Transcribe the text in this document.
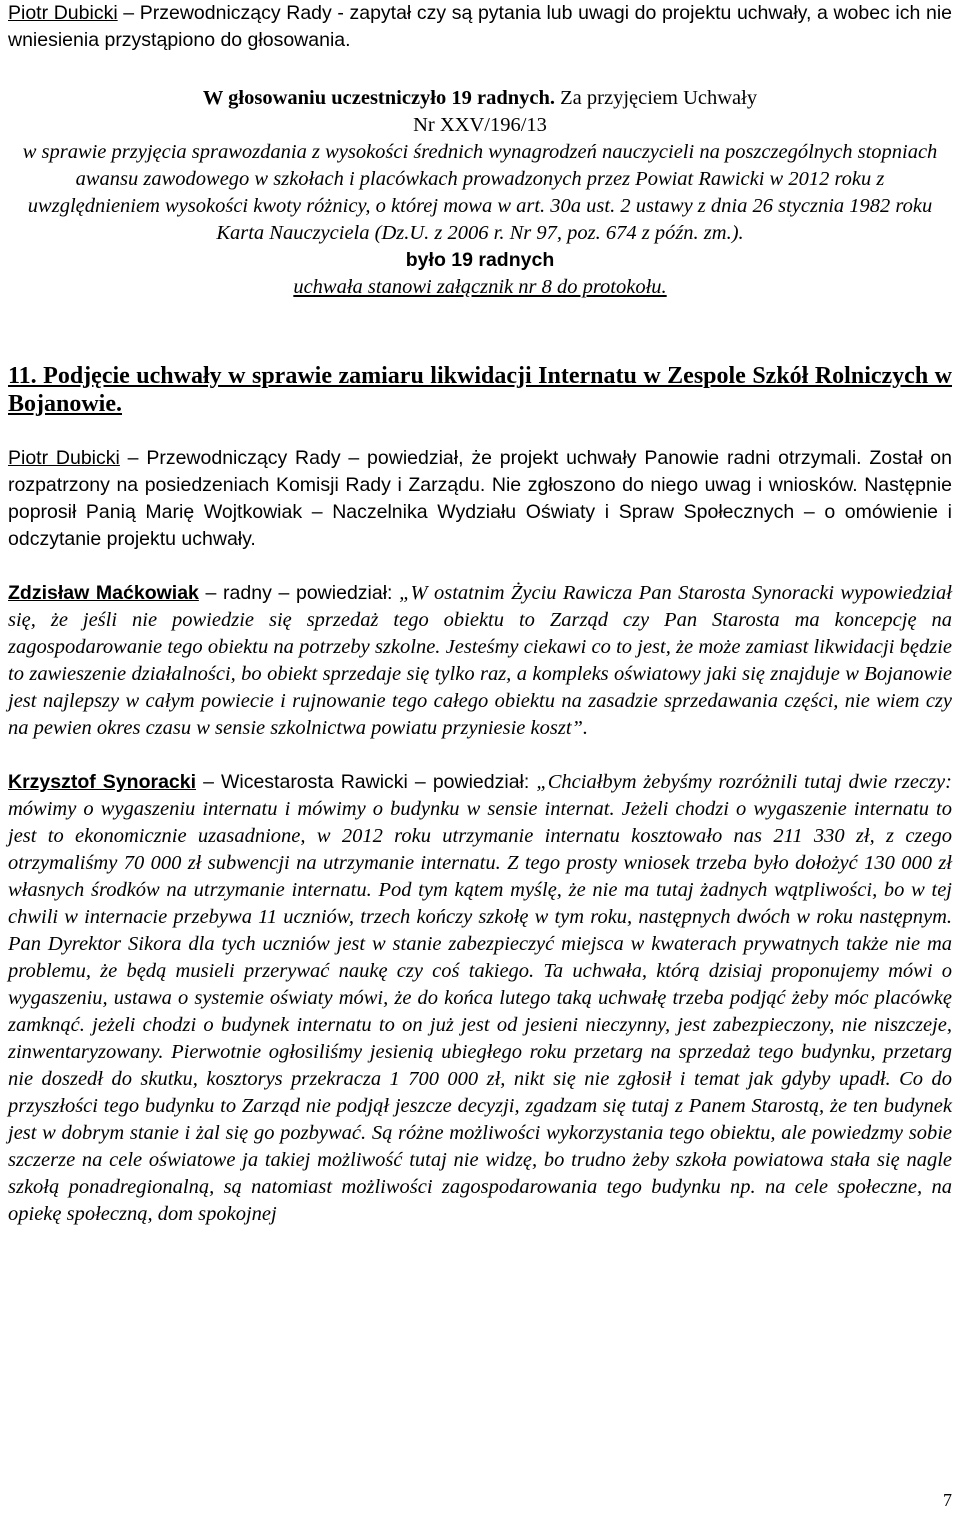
Piotr Dubicki – Przewodniczący Rady - zapytał czy są pytania lub uwagi do projektu uchwały, a wobec ich nie wniesienia przystąpiono do głosowania.

W głosowaniu uczestniczyło 19 radnych. Za przyjęciem Uchwały

Nr XXV/196/13

w sprawie przyjęcia sprawozdania z wysokości średnich wynagrodzeń nauczycieli na poszczególnych stopniach awansu zawodowego w szkołach i placówkach prowadzonych przez Powiat Rawicki w 2012 roku z uwzględnieniem wysokości kwoty różnicy, o której mowa w art. 30a ust. 2 ustawy z dnia 26 stycznia 1982 roku Karta Nauczyciela (Dz.U. z 2006 r. Nr 97, poz. 674 z późn. zm.).

było 19 radnych

uchwała stanowi załącznik nr 8 do protokołu.

11. Podjęcie uchwały w sprawie zamiaru likwidacji Internatu w Zespole Szkół Rolniczych w Bojanowie.

Piotr Dubicki – Przewodniczący Rady – powiedział, że projekt uchwały Panowie radni otrzymali. Został on rozpatrzony na posiedzeniach Komisji Rady i Zarządu. Nie zgłoszono do niego uwag i wniosków. Następnie poprosił Panią Marię Wojtkowiak – Naczelnika Wydziału Oświaty i Spraw Społecznych – o omówienie i odczytanie projektu uchwały.

Zdzisław Maćkowiak – radny – powiedział: „W ostatnim Życiu Rawicza Pan Starosta Synoracki wypowiedział się, że jeśli nie powiedzie się sprzedaż tego obiektu to Zarząd czy Pan Starosta ma koncepcję na zagospodarowanie tego obiektu na potrzeby szkolne. Jesteśmy ciekawi co to jest, że może zamiast likwidacji będzie to zawieszenie działalności, bo obiekt sprzedaje się tylko raz, a kompleks oświatowy jaki się znajduje w Bojanowie jest najlepszy w całym powiecie i rujnowanie tego całego obiektu na zasadzie sprzedawania części, nie wiem czy na pewien okres czasu w sensie szkolnictwa powiatu przyniesie koszt”.

Krzysztof Synoracki – Wicestarosta Rawicki – powiedział: „Chciałbym żebyśmy rozróżnili tutaj dwie rzeczy: mówimy o wygaszeniu internatu i mówimy o budynku w sensie internat. Jeżeli chodzi o wygaszenie internatu to jest to ekonomicznie uzasadnione, w 2012 roku utrzymanie internatu kosztowało nas 211 330 zł, z czego otrzymaliśmy 70 000 zł subwencji na utrzymanie internatu. Z tego prosty wniosek trzeba było dołożyć 130 000 zł własnych środków na utrzymanie internatu. Pod tym kątem myślę, że nie ma tutaj żadnych wątpliwości, bo w tej chwili w internacie przebywa 11 uczniów, trzech kończy szkołę w tym roku, następnych dwóch w roku następnym. Pan Dyrektor Sikora dla tych uczniów jest w stanie zabezpieczyć miejsca w kwaterach prywatnych także nie ma problemu, że będą musieli przerywać naukę czy coś takiego. Ta uchwała, którą dzisiaj proponujemy mówi o wygaszeniu, ustawa o systemie oświaty mówi, że do końca lutego taką uchwałę trzeba podjąć żeby móc placówkę zamknąć. jeżeli chodzi o budynek internatu to on już jest od jesieni nieczynny, jest zabezpieczony, nie niszczeje, zinwentaryzowany. Pierwotnie ogłosiliśmy jesienią ubiegłego roku przetarg na sprzedaż tego budynku, przetarg nie doszedł do skutku, kosztorys przekracza 1 700 000 zł, nikt się nie zgłosił i temat jak gdyby upadł. Co do przyszłości tego budynku to Zarząd nie podjął jeszcze decyzji, zgadzam się tutaj z Panem Starostą, że ten budynek jest w dobrym stanie i żal się go pozbywać. Są różne możliwości wykorzystania tego obiektu, ale powiedzmy sobie szczerze na cele oświatowe ja takiej możliwość tutaj nie widzę, bo trudno żeby szkoła powiatowa stała się nagle szkołą ponadregionalną, są natomiast możliwości zagospodarowania tego budynku np. na cele społeczne, na opiekę społeczną, dom spokojnej

7
